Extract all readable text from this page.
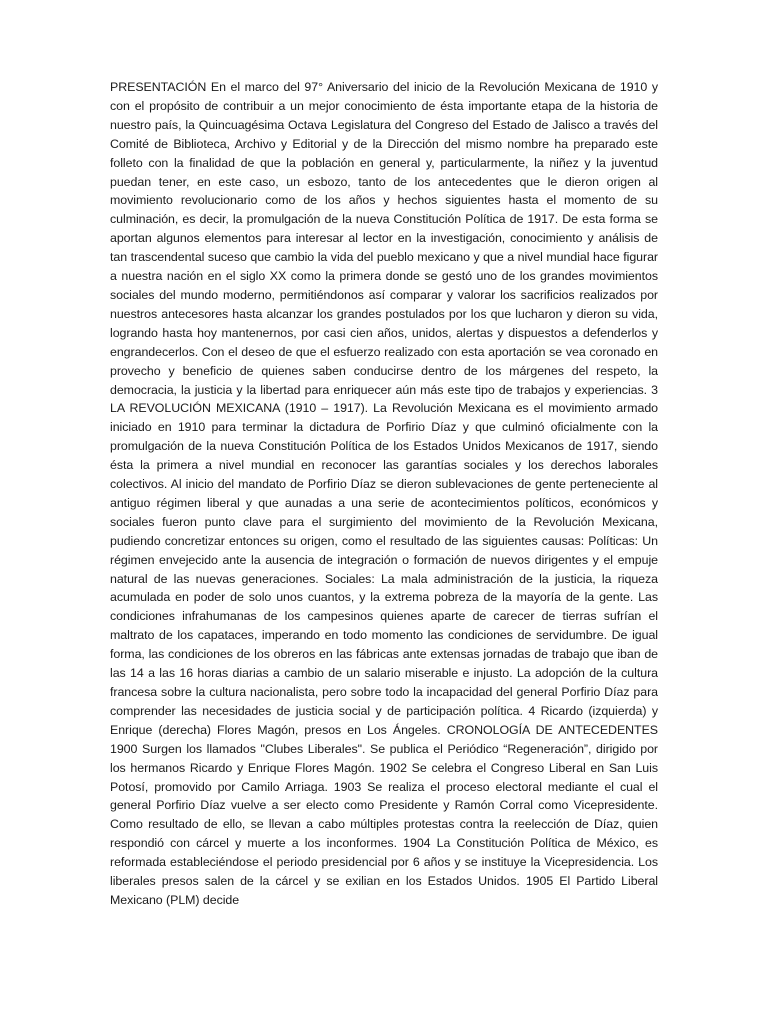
PRESENTACIÓN En el marco del 97° Aniversario del inicio de la Revolución Mexicana de 1910 y con el propósito de contribuir a un mejor conocimiento de ésta importante etapa de la historia de nuestro país, la Quincuagésima Octava Legislatura del Congreso del Estado de Jalisco a través del Comité de Biblioteca, Archivo y Editorial y de la Dirección del mismo nombre ha preparado este folleto con la finalidad de que la población en general y, particularmente, la niñez y la juventud puedan tener, en este caso, un esbozo, tanto de los antecedentes que le dieron origen al movimiento revolucionario como de los años y hechos siguientes hasta el momento de su culminación, es decir, la promulgación de la nueva Constitución Política de 1917. De esta forma se aportan algunos elementos para interesar al lector en la investigación, conocimiento y análisis de tan trascendental suceso que cambio la vida del pueblo mexicano y que a nivel mundial hace figurar a nuestra nación en el siglo XX como la primera donde se gestó uno de los grandes movimientos sociales del mundo moderno, permitiéndonos así comparar y valorar los sacrificios realizados por nuestros antecesores hasta alcanzar los grandes postulados por los que lucharon y dieron su vida, logrando hasta hoy mantenernos, por casi cien años, unidos, alertas y dispuestos a defenderlos y engrandecerlos. Con el deseo de que el esfuerzo realizado con esta aportación se vea coronado en provecho y beneficio de quienes saben conducirse dentro de los márgenes del respeto, la democracia, la justicia y la libertad para enriquecer aún más este tipo de trabajos y experiencias. 3 LA REVOLUCIÓN MEXICANA (1910 – 1917). La Revolución Mexicana es el movimiento armado iniciado en 1910 para terminar la dictadura de Porfirio Díaz y que culminó oficialmente con la promulgación de la nueva Constitución Política de los Estados Unidos Mexicanos de 1917, siendo ésta la primera a nivel mundial en reconocer las garantías sociales y los derechos laborales colectivos. Al inicio del mandato de Porfirio Díaz se dieron sublevaciones de gente perteneciente al antiguo régimen liberal y que aunadas a una serie de acontecimientos políticos, económicos y sociales fueron punto clave para el surgimiento del movimiento de la Revolución Mexicana, pudiendo concretizar entonces su origen, como el resultado de las siguientes causas: Políticas: Un régimen envejecido ante la ausencia de integración o formación de nuevos dirigentes y el empuje natural de las nuevas generaciones. Sociales: La mala administración de la justicia, la riqueza acumulada en poder de solo unos cuantos, y la extrema pobreza de la mayoría de la gente. Las condiciones infrahumanas de los campesinos quienes aparte de carecer de tierras sufrían el maltrato de los capataces, imperando en todo momento las condiciones de servidumbre. De igual forma, las condiciones de los obreros en las fábricas ante extensas jornadas de trabajo que iban de las 14 a las 16 horas diarias a cambio de un salario miserable e injusto. La adopción de la cultura francesa sobre la cultura nacionalista, pero sobre todo la incapacidad del general Porfirio Díaz para comprender las necesidades de justicia social y de participación política. 4 Ricardo (izquierda) y Enrique (derecha) Flores Magón, presos en Los Ángeles. CRONOLOGÍA DE ANTECEDENTES 1900 Surgen los llamados "Clubes Liberales". Se publica el Periódico “Regeneración”, dirigido por los hermanos Ricardo y Enrique Flores Magón. 1902 Se celebra el Congreso Liberal en San Luis Potosí, promovido por Camilo Arriaga. 1903 Se realiza el proceso electoral mediante el cual el general Porfirio Díaz vuelve a ser electo como Presidente y Ramón Corral como Vicepresidente. Como resultado de ello, se llevan a cabo múltiples protestas contra la reelección de Díaz, quien respondió con cárcel y muerte a los inconformes. 1904 La Constitución Política de México, es reformada estableciéndose el periodo presidencial por 6 años y se instituye la Vicepresidencia. Los liberales presos salen de la cárcel y se exilian en los Estados Unidos. 1905 El Partido Liberal Mexicano (PLM) decide
